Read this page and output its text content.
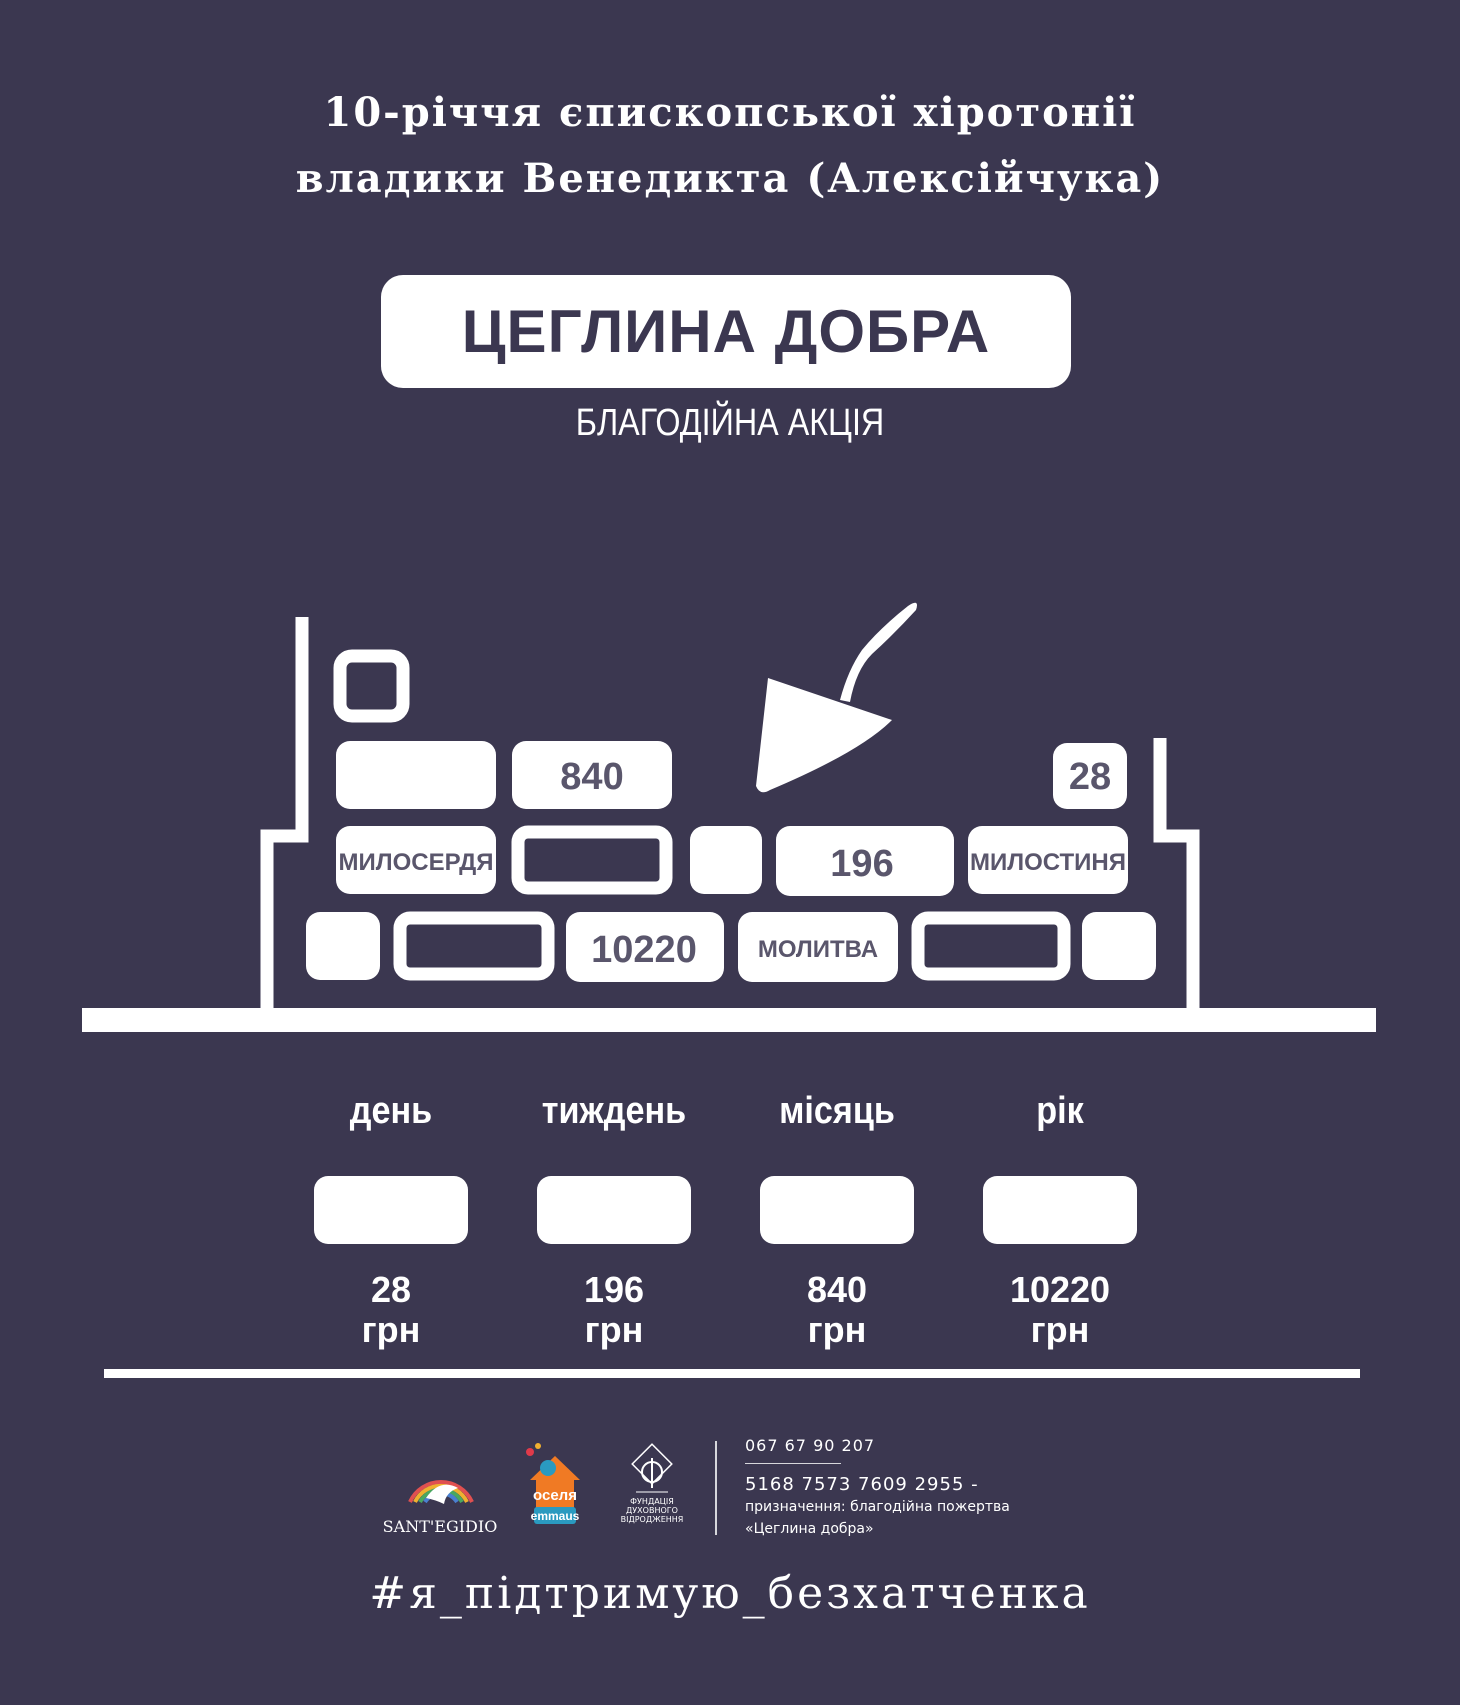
10-річчя єпископської хіротонії
владики Венедикта (Алексійчука)
ЦЕГЛИНА ДОБРА
БЛАГОДІЙНА АКЦІЯ
840	28
МИЛОСЕРДЯ	196	МИЛОСТИНЯ
10220	МОЛИТВА
день
28
грн
тиждень
196
грн
місяць
840
грн
рік
10220
грн
SANT'EGIDIO
оселя
emmaus
ФУНДАЦІЯ
ДУХОВНОГО
ВІДРОДЖЕННЯ
067 67 90 207
5168 7573 7609 2955 -
призначення: благодійна пожертва
«Цеглина добра»
#я_підтримую_безхатченка
